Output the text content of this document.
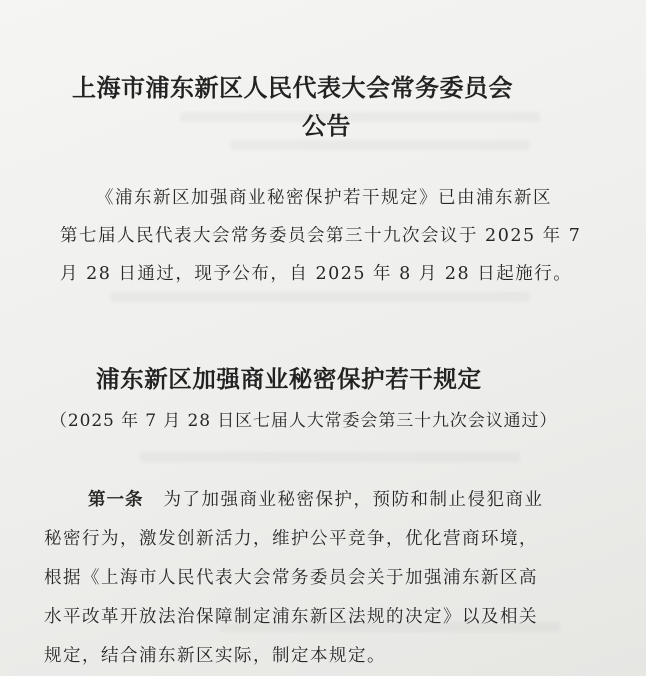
上海市浦东新区人民代表大会常务委员会
公告
《浦东新区加强商业秘密保护若干规定》已由浦东新区
第七届人民代表大会常务委员会第三十九次会议于 2025 年 7
月 28 日通过，现予公布，自 2025 年 8 月 28 日起施行。
浦东新区加强商业秘密保护若干规定
（2025 年 7 月 28 日区七届人大常委会第三十九次会议通过）
第一条 为了加强商业秘密保护，预防和制止侵犯商业
秘密行为，激发创新活力，维护公平竞争，优化营商环境，
根据《上海市人民代表大会常务委员会关于加强浦东新区高
水平改革开放法治保障制定浦东新区法规的决定》以及相关
规定，结合浦东新区实际，制定本规定。
